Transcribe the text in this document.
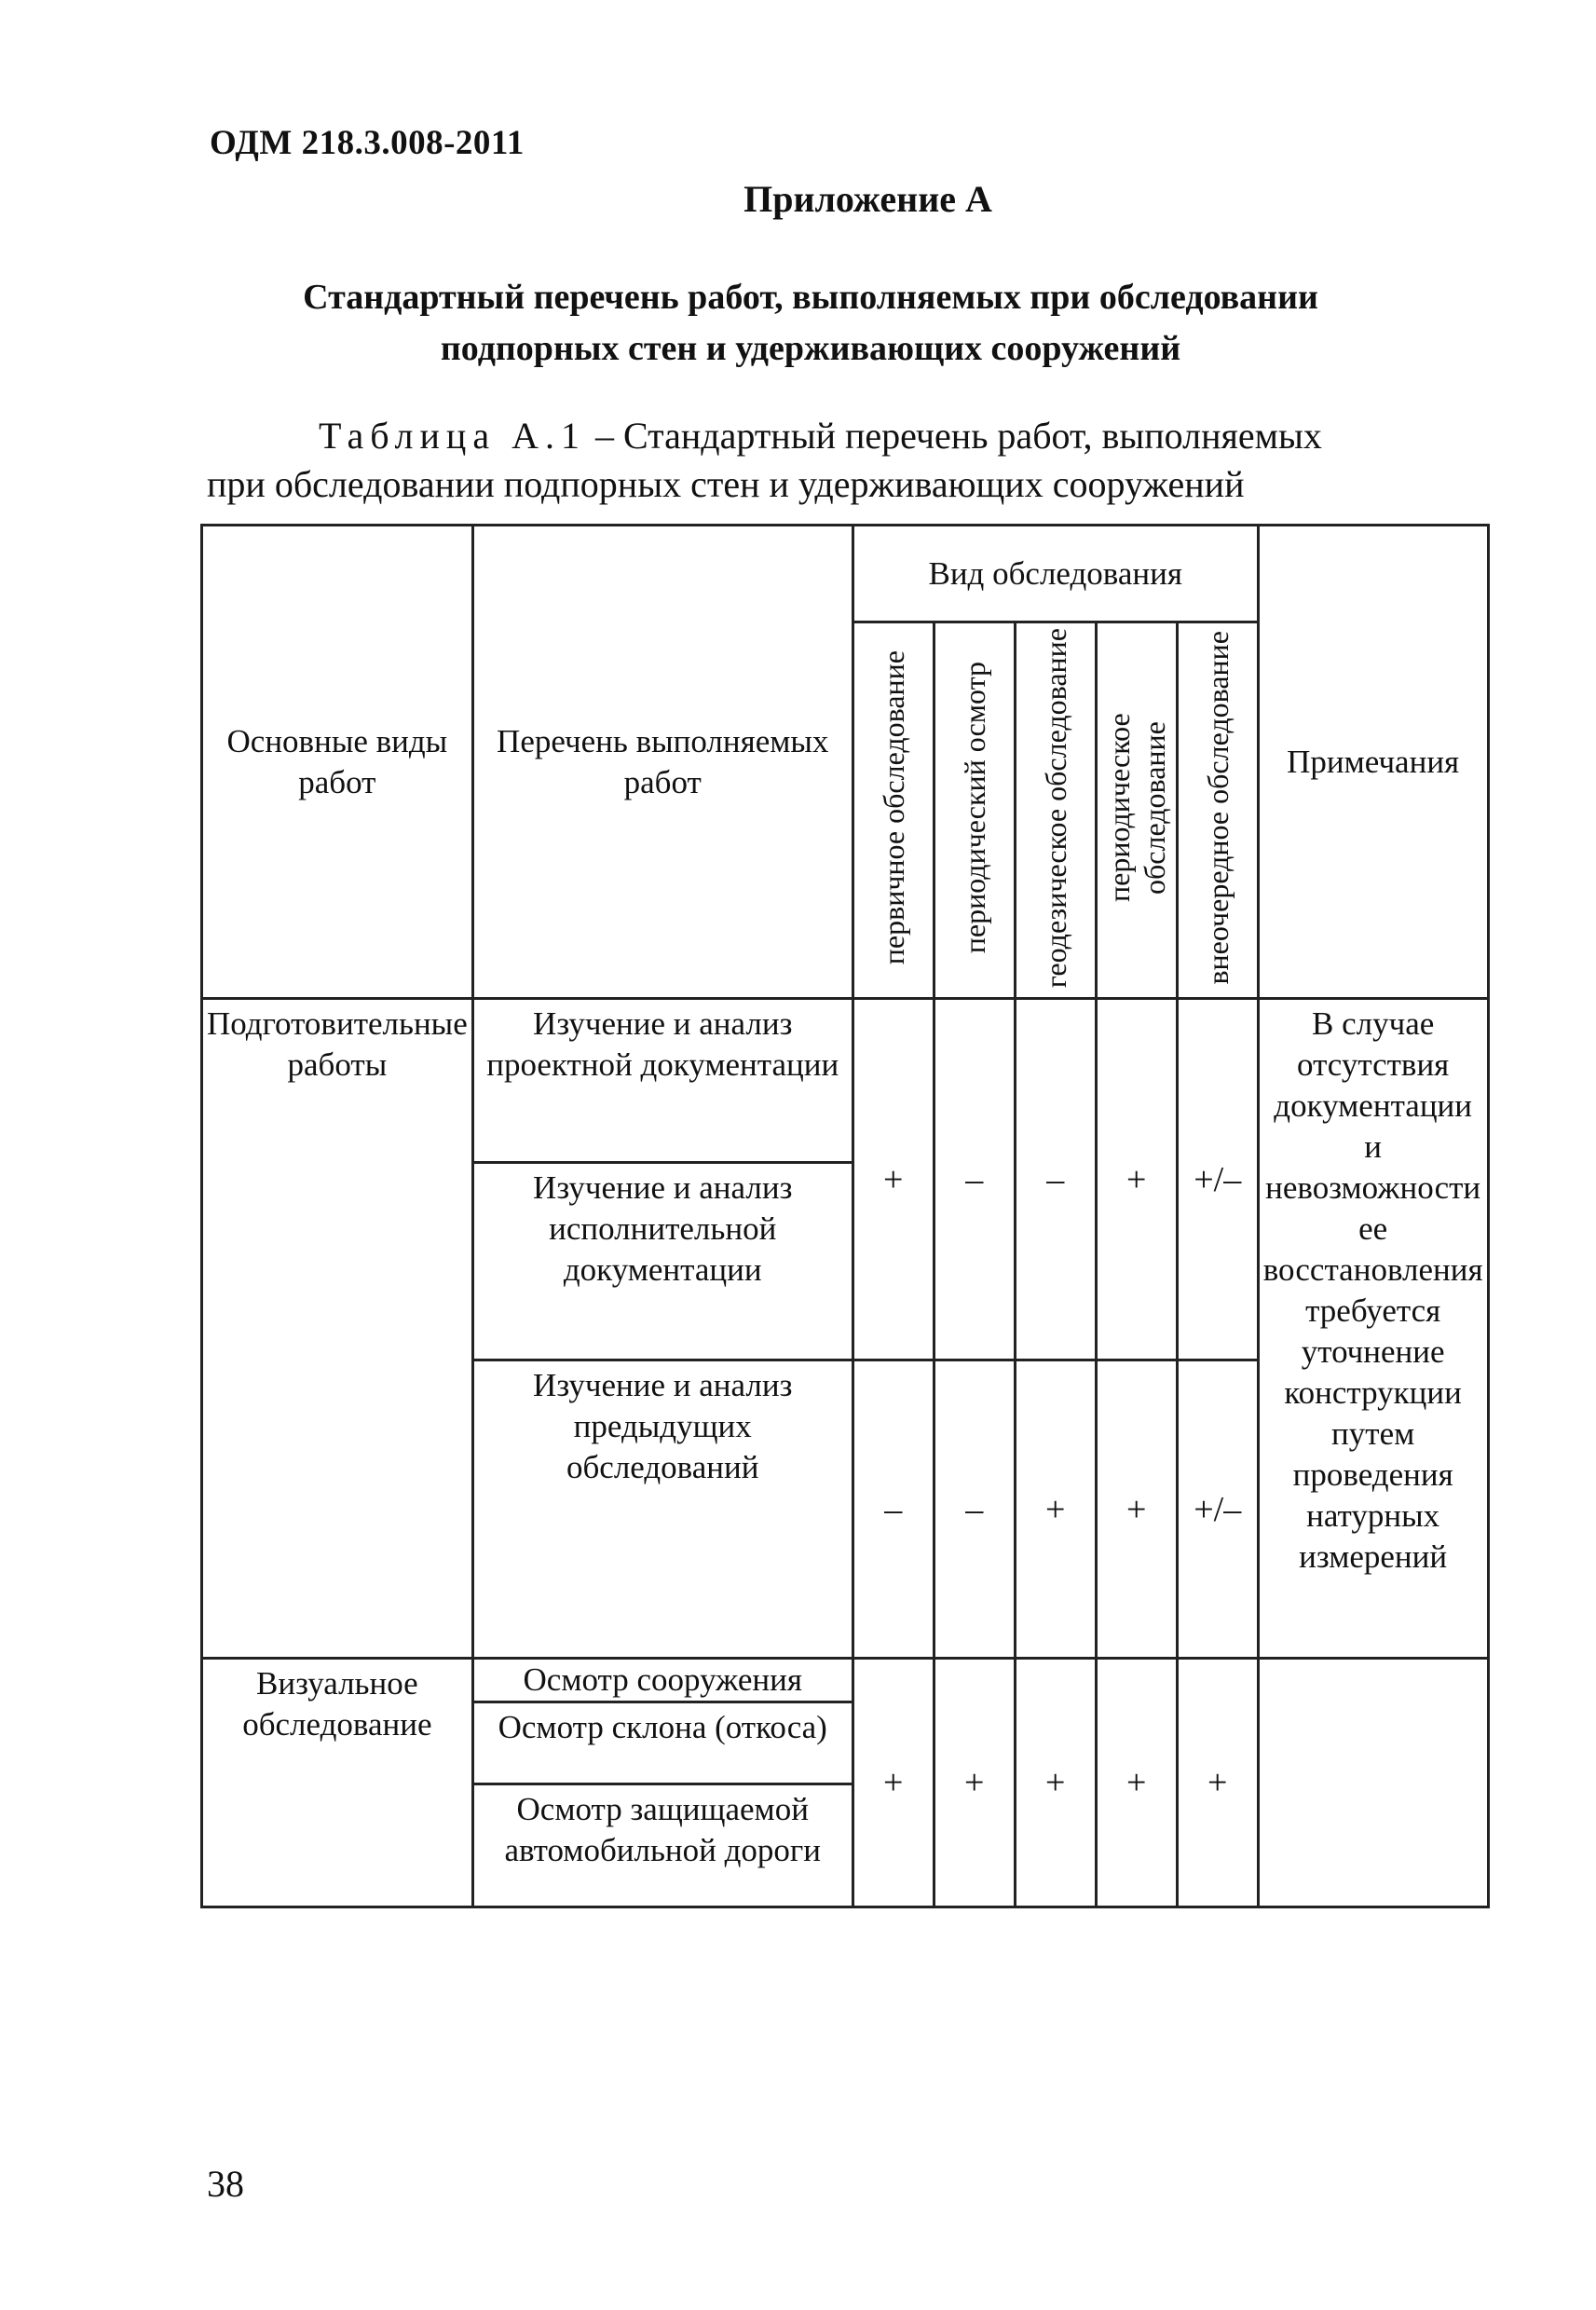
ОДМ 218.3.008-2011
Приложение А
Стандартный перечень работ, выполняемых при обследовании
подпорных стен и удерживающих сооружений
Таблица А.1 – Стандартный перечень работ, выполняемых
при обследовании подпорных стен и удерживающих сооружений
Основные виды работ	Перечень выполняемых работ	Вид обследования					Примечания

		первичное обследование	периодический осмотр	геодезическое обследование	периодическое обследование	внеочередное обследование	

Подготовительные работы	Изучение и анализ проектной документации	+	–	–	+	+/–	В случае отсутствия документации и невозможности ее восстановления требуется уточнение конструкции путем проведения натурных измерений
	Изучение и анализ исполнительной документации						
	Изучение и анализ предыдущих обследований	–	–	+	+	+/–	
Визуальное обследование	Осмотр сооружения	+	+	+	+	+	
	Осмотр склона (откоса)						
	Осмотр защищаемой автомобильной дороги						
38
